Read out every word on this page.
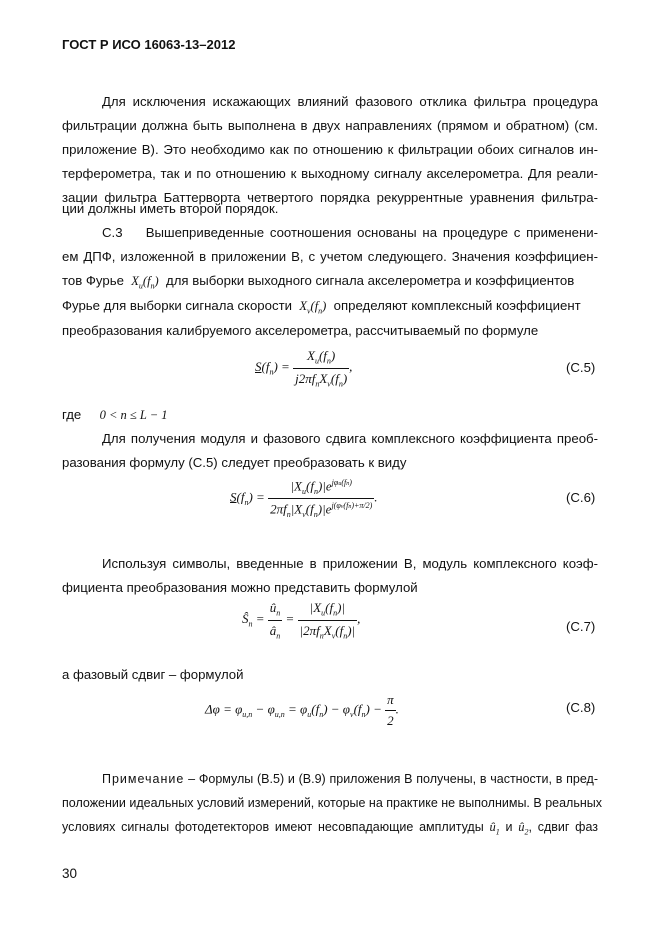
ГОСТ Р ИСО 16063-13–2012
Для исключения искажающих влияний фазового отклика фильтра процедура
фильтрации должна быть выполнена в двух направлениях (прямом и обратном) (см.
приложение В). Это необходимо как по отношению к фильтрации обоих сигналов ин-
терферометра, так и по отношению к выходному сигналу акселерометра. Для реали-
зации фильтра Баттерворта четвертого порядка рекуррентные уравнения фильтра-
ции должны иметь второй порядок.
С.3 Вышеприведенные соотношения основаны на процедуре с применени-
ем ДПФ, изложенной в приложении В, с учетом следующего. Значения коэффициен-
тов Фурье $X_u(f_n)$ для выборки выходного сигнала акселерометра и коэффициентов
Фурье для выборки сигнала скорости $X_v(f_n)$ определяют комплексный коэффициент
преобразования калибруемого акселерометра, рассчитываемый по формуле
$S(f_n) = \frac{X_u(f_n)}{j2\pi f_nX_v(f_n)}$ ,	(С.5)
где 0 < n ≤ L − 1
Для получения модуля и фазового сдвига комплексного коэффициента преоб-
разования формулу (С.5) следует преобразовать к виду
$S(f_n) = \frac{|X_u(f_n)|e^{j\varphi u(fn)}}{2\pi f_n|X_v(f_n)|e^{j(\varphi v(fn)+\pi/2)}}$ .	(С.6)
Используя символы, введенные в приложении В, модуль комплексного коэф-
фициента преобразования можно представить формулой
$Ŝ_n = \frac{û_n}{â_n} = \frac{|X_u(f_n)|}{|2\pi f_nX_v(f_n)|}$ ,
(С.7)
а фазовый сдвиг – формулой
$\Delta\varphi = \varphi_{u,n} - \varphi_{u,n} = \varphi_u(f_n) - \varphi_v(f_n) - \frac{\pi}{2}$ .	(С.8)
Примечание – Формулы (В.5) и (В.9) приложения В получены, в частности, в пред-
положении идеальных условий измерений, которые на практике не выполнимы. В реальных
условиях сигналы фотодетекторов имеют несовпадающие амплитуды $û_1$ и $û_2$, сдвиг фаз
30
